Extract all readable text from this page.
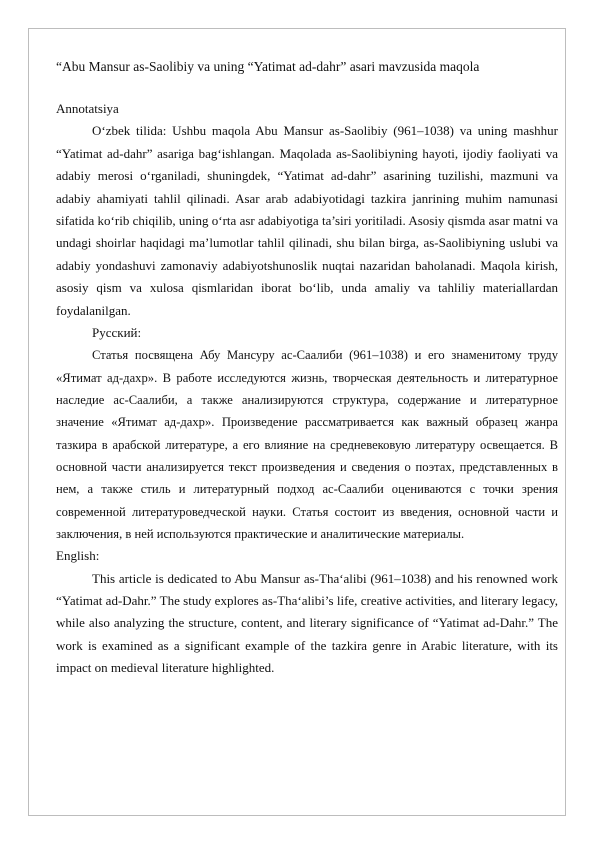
“Abu Mansur as-Saolibiy va uning “Yatimat ad-dahr” asari mavzusida maqola
Annotatsiya

O‘zbek tilida: Ushbu maqola Abu Mansur as-Saolibiy (961–1038) va uning mashhur “Yatimat ad-dahr” asariga bag‘ishlangan. Maqolada as-Saolibiyning hayoti, ijodiy faoliyati va adabiy merosi o‘rganiladi, shuningdek, “Yatimat ad-dahr” asarining tuzilishi, mazmuni va adabiy ahamiyati tahlil qilinadi. Asar arab adabiyotidagi tazkira janrining muhim namunasi sifatida ko‘rib chiqilib, uning o‘rta asr adabiyotiga ta’siri yoritiladi. Asosiy qismda asar matni va undagi shoirlar haqidagi ma’lumotlar tahlil qilinadi, shu bilan birga, as-Saolibiyning uslubi va adabiy yondashuvi zamonaviy adabiyotshunoslik nuqtai nazaridan baholanadi. Maqola kirish, asosiy qism va xulosa qismlaridan iborat bo‘lib, unda amaliy va tahliliy materiallardan foydalanilgan.

Русский:

Статья посвящена Абу Мансуру ас-Саалиби (961–1038) и его знаменитому труду «Ятимат ад-дахр». В работе исследуются жизнь, творческая деятельность и литературное наследие ас-Саалиби, а также анализируются структура, содержание и литературное значение «Ятимат ад-дахр». Произведение рассматривается как важный образец жанра тазкира в арабской литературе, а его влияние на средневековую литературу освещается. В основной части анализируется текст произведения и сведения о поэтах, представленных в нем, а также стиль и литературный подход ас-Саалиби оцениваются с точки зрения современной литературоведческой науки. Статья состоит из введения, основной части и заключения, в ней используются практические и аналитические материалы.

English:

This article is dedicated to Abu Mansur as-Tha‘alibi (961–1038) and his renowned work “Yatimat ad-Dahr.” The study explores as-Tha‘alibi’s life, creative activities, and literary legacy, while also analyzing the structure, content, and literary significance of “Yatimat ad-Dahr.” The work is examined as a significant example of the tazkira genre in Arabic literature, with its impact on medieval literature highlighted.
